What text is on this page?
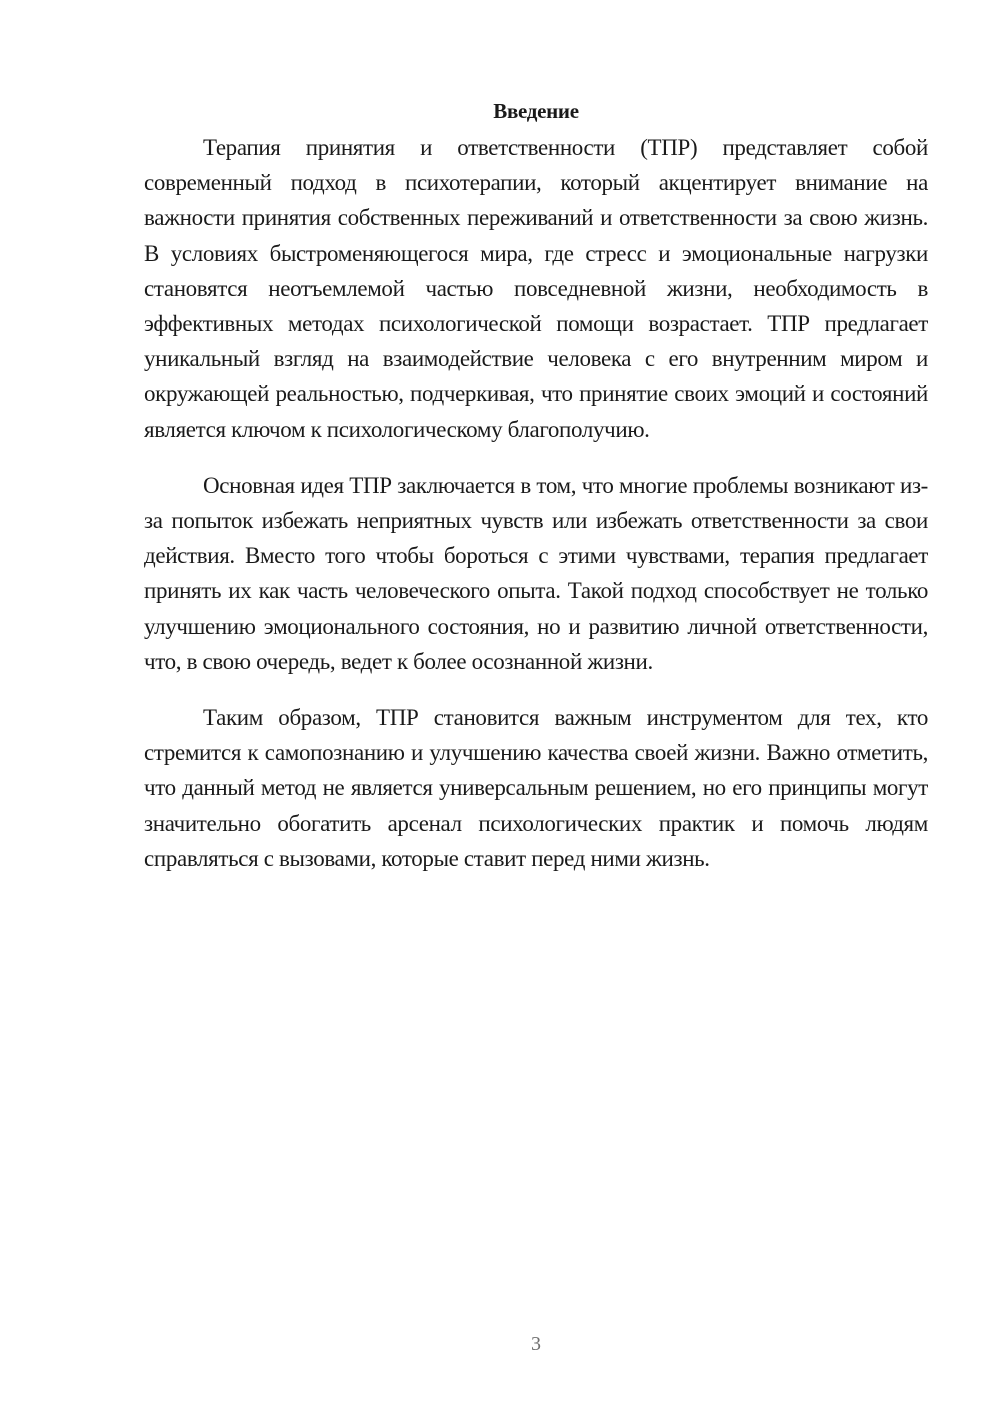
Введение

Терапия принятия и ответственности (ТПР) представляет собой современный подход в психотерапии, который акцентирует внимание на важности принятия собственных переживаний и ответственности за свою жизнь. В условиях быстроменяющегося мира, где стресс и эмоциональные нагрузки становятся неотъемлемой частью повседневной жизни, необходимость в эффективных методах психологической помощи возрастает. ТПР предлагает уникальный взгляд на взаимодействие человека с его внутренним миром и окружающей реальностью, подчеркивая, что принятие своих эмоций и состояний является ключом к психологическому благополучию.

Основная идея ТПР заключается в том, что многие проблемы возникают из-за попыток избежать неприятных чувств или избежать ответственности за свои действия. Вместо того чтобы бороться с этими чувствами, терапия предлагает принять их как часть человеческого опыта. Такой подход способствует не только улучшению эмоционального состояния, но и развитию личной ответственности, что, в свою очередь, ведет к более осознанной жизни.

Таким образом, ТПР становится важным инструментом для тех, кто стремится к самопознанию и улучшению качества своей жизни. Важно отметить, что данный метод не является универсальным решением, но его принципы могут значительно обогатить арсенал психологических практик и помочь людям справляться с вызовами, которые ставит перед ними жизнь.

3
